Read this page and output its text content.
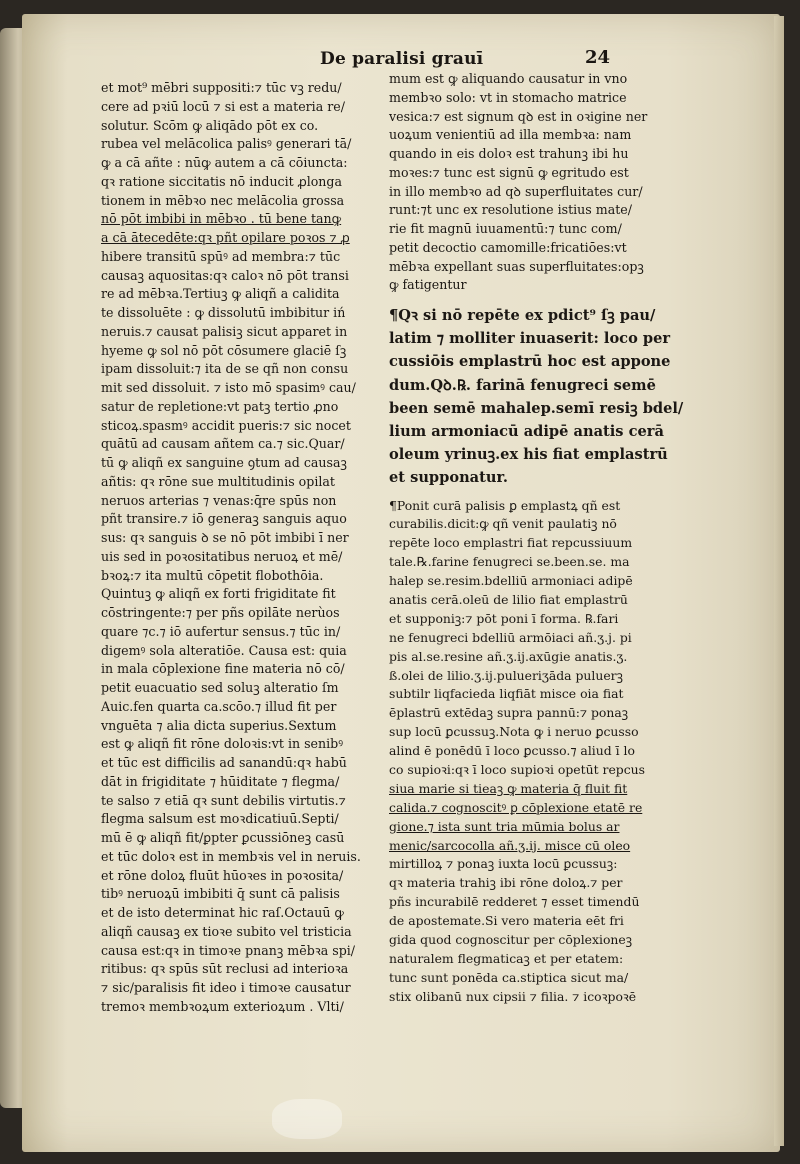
De paralisi grauī	24
et mot⁹ mēbri suppositi:⁊ tūc vꝫ redu/
cere ad pꝛiū locū ⁊ si est a materia re/
solutur. Scōm ꝙ aliqādo pōt ex co.
rubea vel melācolica palisꝰ generari tā/
ꝙ a cā añte : nūꝙ autem a cā cōiuncta:
qꝛ ratione siccitatis nō inducit ꝓlonga
tionem in mēbꝛo nec melācolia grossa
nō pōt imbibi in mēbꝛo . tū bene tanꝙ
a cā ātecedēte:qꝛ pñt opilare poꝛos ⁊ ꝓ
hibere transitū spūꝰ ad membra:⁊ tūc
causaꝫ aquositas:qꝛ caloꝛ nō pōt transi
re ad mēbꝛa.Tertiuꝫ ꝙ aliqñ a calidita
te dissoluēte : ꝙ dissolutū imbibitur iń
neruis.⁊ causat palisiꝫ sicut apparet in
hyeme ꝙ sol nō pōt cōsumere glaciē ſꝫ
ipam dissoluit:⁊ ita de se qñ non consu
mit sed dissoluit. ⁊ isto mō spasimꝰ cau/
satur de repletione:vt patꝫ tertio ꝓno
sticoꝝ.spasmꝰ accidit pueris:⁊ sic nocet
quātū ad causam añtem ca.⁊ sic.Quar/
tū ꝙ aliqñ ex sanguine ꝯtum ad causaꝫ
añtis: qꝛ rōne sue multitudinis opilat
neruos arterias ⁊ venas:q̄re spūs non
pñt transire.⁊ iō generaꝫ sanguis aquo
sus: qꝛ sanguis ꝺ se nō pōt imbibi ī ner
uis sed in poꝛositatibus neruoꝝ et mē/
bꝛoꝝ:⁊ ita multū cōpetit flobothōia.
Quintuꝫ ꝙ aliqñ ex forti frigiditate fit
cōstringente:⁊ per pñs opilāte nerùos
quare ⁊c.⁊ iō aufertur sensus.⁊ tūc in/
digemꝰ sola alteratiōe. Causa est: quia
in mala cōplexione fine materia nō cō/
petit euacuatio sed soluꝫ alteratio ſm
Auic.fen quarta ca.scōo.⁊ illud fit per
vnguēta ⁊ alia dicta superius.Sextum
est ꝙ aliqñ fit rōne doloꝛis:vt in senibꝰ
et tūc est difficilis ad sanandū:qꝛ habū
dāt in frigiditate ⁊ hūiditate ⁊ flegma/
te salso ⁊ etiā qꝛ sunt debilis virtutis.⁊
flegma salsum est moꝛdicatiuū.Septi/
mū ē ꝙ aliqñ fit/ꝑpter ꝑcussiōneꝫ casū
et tūc doloꝛ est in membꝛis vel in neruis.
et rōne doloꝝ fluūt hūoꝛes in poꝛosita/
tibꝰ neruoꝝū imbibiti q̄ sunt cā palisis
et de isto determinat hic raſ.Octauū ꝙ
aliqñ causaꝫ ex tioꝛe subito vel tristicia
causa est:qꝛ in timoꝛe pnanꝫ mēbꝛa spi/
ritibus: qꝛ spūs sūt reclusi ad interioꝛa
⁊ sic/paralisis fit ideo i timoꝛe causatur
tremoꝛ membꝛoꝝum exterioꝝum . Vlti/
mum est ꝙ aliquando causatur in vno
membꝛo solo: vt in stomacho matrice
vesica:⁊ est signum qꝺ est in oꝛigine ner
uoꝝum venientiū ad illa membꝛa: nam
quando in eis doloꝛ est trahunꝫ ibi hu
moꝛes:⁊ tunc est signū ꝙ egritudo est
in illo membꝛo ad qꝺ superfluitates cur/
runt:⁊t unc ex resolutione istius mate/
rie fit magnū iuuamentū:⁊ tunc com/
petit decoctio camomille:fricatiōes:vt
mēbꝛa expellant suas superfluitates:opꝫ
ꝙ fatigentur
¶Qꝛ si nō repēte ex pdict⁹ ſꝫ pau/
latim ⁊ molliter inuaserit: loco per
cussiōis emplastrū hoc est appone
dum.Qꝺ.℞. farinā fenugreci semē
been semē mahalep.semī resiꝫ bdel/
lium armoniacū adipē anatis cerā
oleum yrinuꝫ.ex his fiat emplastrū
et supponatur.
¶Ponit curā palisis ꝑ emplastꝝ qñ est
curabilis.dicit:ꝙ qñ venit paulatiꝫ nō
repēte loco emplastri fiat repcussiuum
tale.℞.farine fenugreci se.been.se. ma
halep se.resim.bdelliū armoniaci adipē
anatis cerā.oleū de lilio fiat emplastrū
et supponiꝫ:⁊ pōt poni ī forma. ℞.fari
ne fenugreci bdelliū armōiaci añ.ʒ.j. pi
pis al.se.resine añ.ʒ.ij.axūgie anatis.ʒ.
ß.olei de lilio.ʒ.ij.pulueriʒāda puluerꝫ
subtilr liqfacieda liqfiāt misce oia fiat
ēplastrū extēdaꝫ supra pannū:⁊ ponaꝫ
sup locū ꝑcussuꝫ.Nota ꝙ i neruo ꝑcusso
alind ē ponēdū ī loco ꝑcusso.⁊ aliud ī lo
co supioꝛi:qꝛ ī loco supioꝛi opetūt repcus
siua marie si tieaꝫ ꝙ materia q̄ fluit fit
calida.⁊ cognoscitꝰ ꝑ cōplexione etatē re
gione.⁊ ista sunt tria mūmia bolus ar
menic/sarcocolla añ.ʒ.ij. misce cū oleo
mirtilloꝝ ⁊ ponaꝫ iuxta locū ꝑcussuꝫ:
qꝛ materia trahiꝫ ibi rōne doloꝝ.⁊ per
pñs incurabilē redderet ⁊ esset timendū
de apostemate.Si vero materia eēt fri
gida quod cognoscitur per cōplexioneꝫ
naturalem flegmaticaꝫ et per etatem:
tunc sunt ponēda ca.stiptica sicut ma/
stix olibanū nux cipsii ⁊ filia. ⁊ icoꝛpoꝛē
